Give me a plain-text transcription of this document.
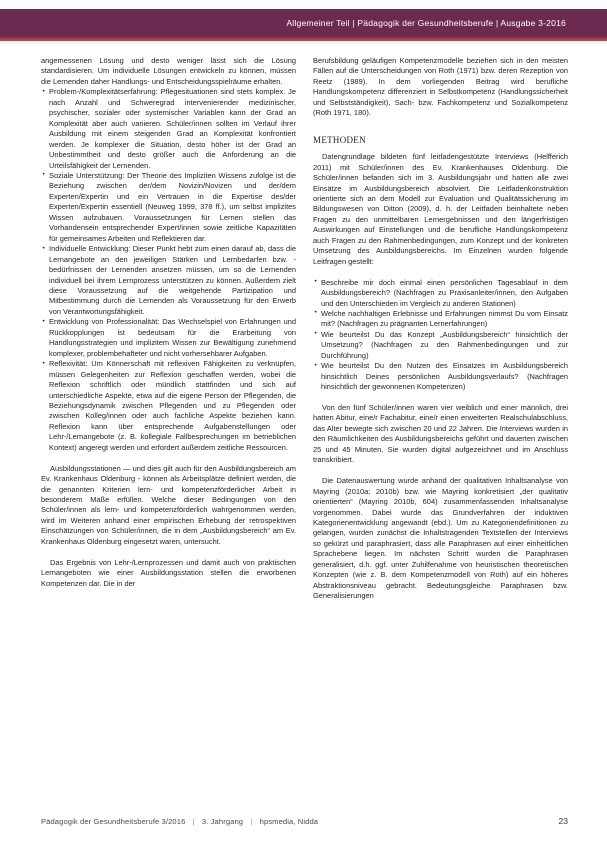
Allgemeiner Teil | Pädagogik der Gesundheitsberufe | Ausgabe 3-2016

angemessenen Lösung und desto weniger lässt sich die Lösung standardisieren. Um individuelle Lösungen entwickeln zu können, müssen die Lernenden daher Handlungs- und Entscheidungsspielräume erhalten.

• Problem-/Komplexitätserfahrung: Pflegesituationen sind stets komplex. Je nach Anzahl und Schweregrad intervenierender medizinischer, psychischer, sozialer oder systemischer Variablen kann der Grad an Komplexität aber auch variieren. Schüler/innen sollten im Verlauf ihrer Ausbildung mit einem steigenden Grad an Komplexität konfrontiert werden. Je komplexer die Situation, desto höher ist der Grad an Unbestimmtheit und desto größer auch die Anforderung an die Urteilsfähigkeit der Lernenden.
• Soziale Unterstützung: Der Theorie des Impliziten Wissens zufolge ist die Beziehung zwischen der/dem Novizin/Novizen und der/dem Experten/Expertin und ein Vertrauen in die Expertise des/der Experten/Expertin essentiell (Neuweg 1999, 378 ff.), um selbst implizites Wissen aufzubauen. Voraussetzungen für Lernen stellen das Vorhandensein entsprechender Expert/innen sowie zeitliche Kapazitäten für gemeinsames Arbeiten und Reflektieren dar.
• Individuelle Entwicklung: Dieser Punkt hebt zum einen darauf ab, dass die Lernangebote an den jeweiligen Stärken und Lernbedarfen bzw. -bedürfnissen der Lernenden ansetzen müssen, um so die Lernenden individuell bei ihrem Lernprozess unterstützen zu können. Außerdem zielt diese Voraussetzung auf die weitgehende Partizipation und Mitbestimmung durch die Lernenden als Voraussetzung für den Erwerb von Verantwortungsfähigkeit.
• Entwicklung von Professionalität: Das Wechselspiel von Erfahrungen und Rückkopplungen ist bedeutsam für die Erarbeitung von Handlungsstrategien und implizitem Wissen zur Bewältigung zunehmend komplexer, problembehafteter und nicht vorhersehbarer Aufgaben.
• Reflexivität: Um Könnerschaft mit reflexiven Fähigkeiten zu verknüpfen, müssen Gelegenheiten zur Reflexion geschaffen werden, wobei die Reflexion schriftlich oder mündlich stattfinden und sich auf unterschiedliche Aspekte, etwa auf die eigene Person der Pflegenden, die Beziehungsdynamik zwischen Pflegenden und zu Pflegenden oder zwischen Kolleg/innen oder auch fachliche Aspekte beziehen kann. Reflexion kann über entsprechende Aufgabenstellungen oder Lehr-/Lernangebote (z. B. kollegiale Fallbesprechungen im betrieblichen Kontext) angeregt werden und erfordert außerdem zeitliche Ressourcen.

Ausbildungsstationen — und dies gilt auch für den Ausbildungsbereich am Ev. Krankenhaus Oldenburg - können als Arbeitsplätze definiert werden, die die genannten Kriterien lern- und kompetenzförderlicher Arbeit in besonderem Maße erfüllen. Welche dieser Bedingungen von den Schüler/innen als lern- und kompetenzförderlich wahrgenommen werden, wird im Weiteren anhand einer empirischen Erhebung der retrospektiven Einschätzungen von Schüler/innen, die in dem „Ausbildungsbereich“ am Ev. Krankenhaus Oldenburg eingesetzt waren, untersucht.

Das Ergebnis von Lehr-/Lernprozessen und damit auch von praktischen Lernangeboten wie einer Ausbildungsstation stellen die erworbenen Kompetenzen dar. Die in der

Berufsbildung geläufigen Kompetenzmodelle beziehen sich in den meisten Fällen auf die Unterscheidungen von Roth (1971) bzw. deren Rezeption von Reetz (1989). In dem vorliegenden Beitrag wird berufliche Handlungskompetenz differenziert in Selbstkompetenz (Handlungssicherheit und Selbstständigkeit), Sach- bzw. Fachkompetenz und Sozialkompetenz (Roth 1971, 180).

methoden

Datengrundlage bildeten fünf leitfadengestützte Interviews (Helfferich 2011) mit Schüler/innen des Ev. Krankenhauses Oldenburg. Die Schüler/innen befanden sich im 3. Ausbildungsjahr und hatten alle zwei Einsätze im Ausbildungsbereich absolviert. Die Leitfadenkonstruktion orientierte sich an dem Modell zur Evaluation und Qualitätssicherung im Bildungswesen von Ditton (2009), d. h. der Leitfaden beinhaltete neben Fragen zu den unmittelbaren Lernergebnissen und den längerfristigen Auswirkungen auf Einstellungen und die berufliche Handlungskompetenz auch Fragen zu den Rahmenbedingungen, zum Konzept und der konkreten Umsetzung des Ausbildungsbereichs. Im Einzelnen wurden folgende Leitfragen gestellt:

• Beschreibe mir doch einmal einen persönlichen Tagesablauf in dem Ausbildungsbereich? (Nachfragen zu Praxisanleiter/innen, den Aufgaben und den Unterschieden im Vergleich zu anderen Stationen)
• Welche nachhaltigen Erlebnisse und Erfahrungen nimmst Du vom Einsatz mit? (Nachfragen zu prägnanten Lernerfahrungen)
• Wie beurteilst Du das Konzept „Ausbildungsbereich“ hinsichtlich der Umsetzung? (Nachfragen zu den Rahmenbedingungen und zur Durchführung)
• Wie beurteilst Du den Nutzen des Einsatzes im Ausbildungsbereich hinsichtlich Deines persönlichen Ausbildungsverlaufs? (Nachfragen hinsichtlich der gewonnenen Kompetenzen)

Von den fünf Schüler/innen waren vier weiblich und einer männlich, drei hatten Abitur, eine/r Fachabitur, eine/r einen erweiterten Realschulabschluss, das Alter bewegte sich zwischen 20 und 22 Jahren. Die Interviews wurden in den Räumlichkeiten des Ausbildungsbereichs geführt und dauerten zwischen 25 und 45 Minuten. Sie wurden digital aufgezeichnet und im Anschluss transkribiert.

Die Datenauswertung wurde anhand der qualitativen Inhaltsanalyse von Mayring (2010a; 2010b) bzw. wie Mayring konkretisiert „der qualitativ orientierten“ (Mayring 2010b, 604) zusammenfassenden Inhaltsanalyse vorgenommen. Dabei wurde das Grundverfahren der induktiven Kategorienentwicklung angewandt (ebd.). Um zu Kategoriendefinitionen zu gelangen, wurden zunächst die Inhaltstragenden Textstellen der Interviews so gekürzt und paraphrasiert, dass alle Paraphrasen auf einer einheitlichen Sprachebene liegen. Im nächsten Schritt wurden die Paraphrasen generalisiert, d.h. ggf. unter Zuhilfenahme von heuristischen theoretischen Konzepten (wie z. B. dem Kompetenzmodell von Roth) auf ein höheres Abstraktionsniveau gebracht. Bedeutungsgleiche Paraphrasen bzw. Generalisierungen

Pädagogik der Gesundheitsberufe 3/2016 | 3. Jahrgang | hpsmedia, Nidda	23
